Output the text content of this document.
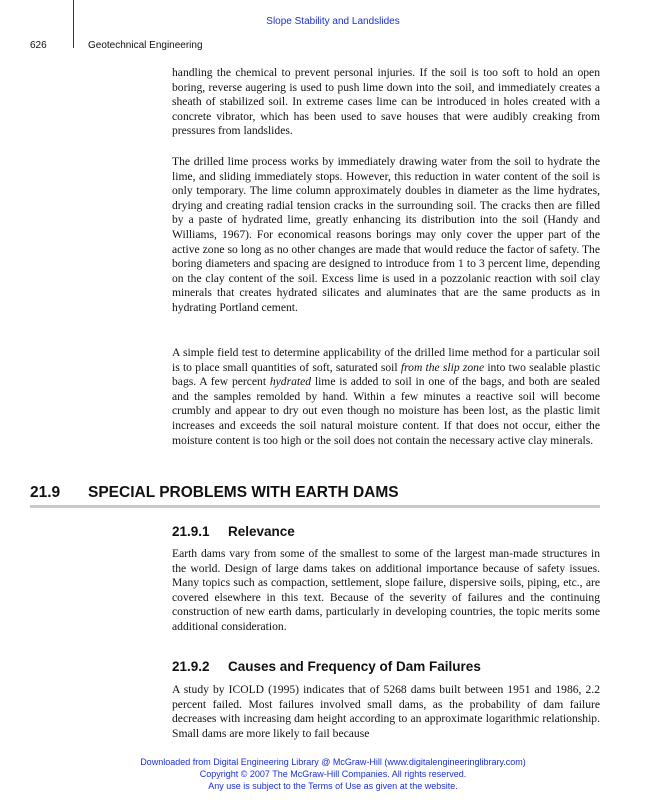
Slope Stability and Landslides
626	Geotechnical Engineering

handling the chemical to prevent personal injuries. If the soil is too soft to hold an open boring, reverse augering is used to push lime down into the soil, and immediately creates a sheath of stabilized soil. In extreme cases lime can be introduced in holes created with a concrete vibrator, which has been used to save houses that were audibly creaking from pressures from landslides.

The drilled lime process works by immediately drawing water from the soil to hydrate the lime, and sliding immediately stops. However, this reduction in water content of the soil is only temporary. The lime column approximately doubles in diameter as the lime hydrates, drying and creating radial tension cracks in the surrounding soil. The cracks then are filled by a paste of hydrated lime, greatly enhancing its distribution into the soil (Handy and Williams, 1967). For economical reasons borings may only cover the upper part of the active zone so long as no other changes are made that would reduce the factor of safety. The boring diameters and spacing are designed to introduce from 1 to 3 percent lime, depending on the clay content of the soil. Excess lime is used in a pozzolanic reaction with soil clay minerals that creates hydrated silicates and aluminates that are the same products as in hydrating Portland cement.

A simple field test to determine applicability of the drilled lime method for a particular soil is to place small quantities of soft, saturated soil from the slip zone into two sealable plastic bags. A few percent hydrated lime is added to soil in one of the bags, and both are sealed and the samples remolded by hand. Within a few minutes a reactive soil will become crumbly and appear to dry out even though no moisture has been lost, as the plastic limit increases and exceeds the soil natural moisture content. If that does not occur, either the moisture content is too high or the soil does not contain the necessary active clay minerals.

21.9 SPECIAL PROBLEMS WITH EARTH DAMS
21.9.1 Relevance

Earth dams vary from some of the smallest to some of the largest man-made structures in the world. Design of large dams takes on additional importance because of safety issues. Many topics such as compaction, settlement, slope failure, dispersive soils, piping, etc., are covered elsewhere in this text. Because of the severity of failures and the continuing construction of new earth dams, particularly in developing countries, the topic merits some additional consideration.

21.9.2 Causes and Frequency of Dam Failures

A study by ICOLD (1995) indicates that of 5268 dams built between 1951 and 1986, 2.2 percent failed. Most failures involved small dams, as the probability of dam failure decreases with increasing dam height according to an approximate logarithmic relationship. Small dams are more likely to fail because

Downloaded from Digital Engineering Library @ McGraw-Hill (www.digitalengineeringlibrary.com)
Copyright © 2007 The McGraw-Hill Companies. All rights reserved.
Any use is subject to the Terms of Use as given at the website.
